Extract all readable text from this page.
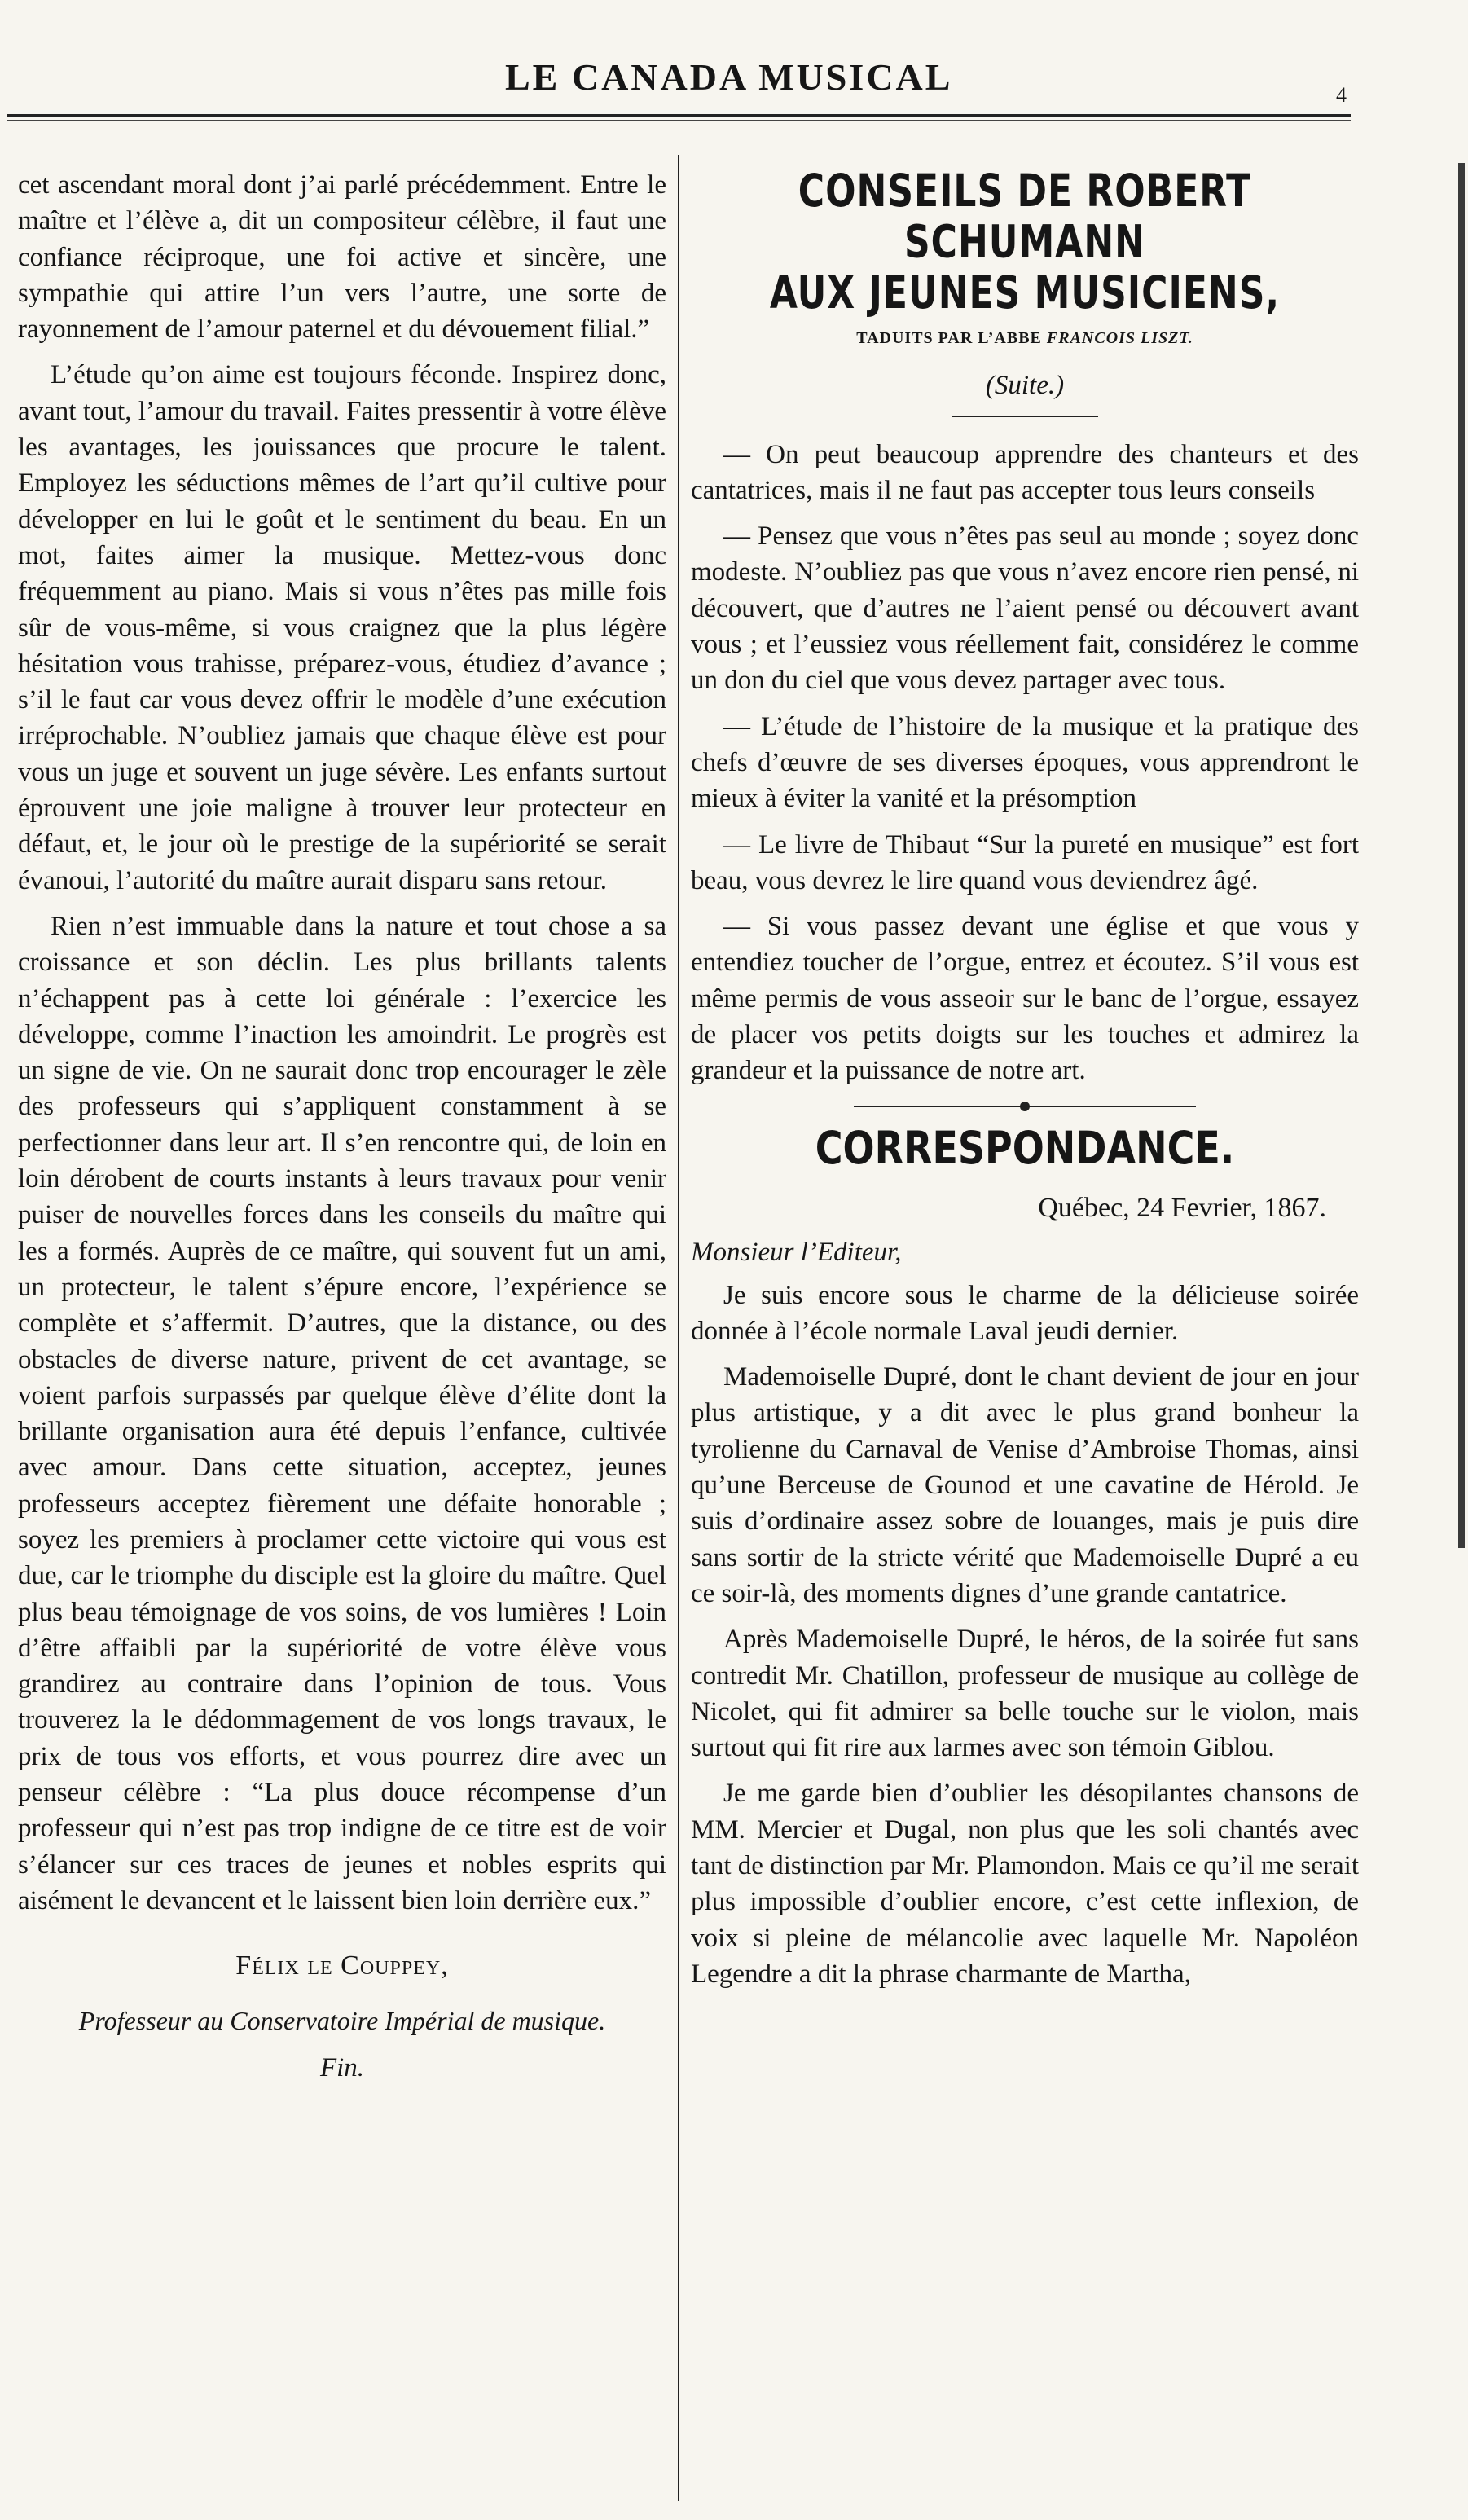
LE CANADA MUSICAL	4

cet ascendant moral dont j’ai parlé précédemment. Entre le maître et l’élève a, dit un compositeur célèbre, il faut une confiance réciproque, une foi active et sincère, une sympathie qui attire l’un vers l’autre, une sorte de rayonnement de l’amour paternel et du dévouement filial.”

L’étude qu’on aime est toujours féconde. Inspirez donc, avant tout, l’amour du travail. Faites pressentir à votre élève les avantages, les jouissances que procure le talent. Employez les séductions mêmes de l’art qu’il cultive pour développer en lui le goût et le sentiment du beau. En un mot, faites aimer la musique. Mettez-vous donc fréquemment au piano. Mais si vous n’êtes pas mille fois sûr de vous-même, si vous craignez que la plus légère hésitation vous trahisse, préparez-vous, étudiez d’avance ; s’il le faut car vous devez offrir le modèle d’une exécution irréprochable. N’oubliez jamais que chaque élève est pour vous un juge et souvent un juge sévère. Les enfants surtout éprouvent une joie maligne à trouver leur protecteur en défaut, et, le jour où le prestige de la supériorité se serait évanoui, l’autorité du maître aurait disparu sans retour.

Rien n’est immuable dans la nature et tout chose a sa croissance et son déclin. Les plus brillants talents n’échappent pas à cette loi générale : l’exercice les développe, comme l’inaction les amoindrit. Le progrès est un signe de vie. On ne saurait donc trop encourager le zèle des professeurs qui s’appliquent constamment à se perfectionner dans leur art. Il s’en rencontre qui, de loin en loin dérobent de courts instants à leurs travaux pour venir puiser de nouvelles forces dans les conseils du maître qui les a formés. Auprès de ce maître, qui souvent fut un ami, un protecteur, le talent s’épure encore, l’expérience se complète et s’affermit. D’autres, que la distance, ou des obstacles de diverse nature, privent de cet avantage, se voient parfois surpassés par quelque élève d’élite dont la brillante organisation aura été depuis l’enfance, cultivée avec amour. Dans cette situation, acceptez, jeunes professeurs acceptez fièrement une défaite honorable ; soyez les premiers à proclamer cette victoire qui vous est due, car le triomphe du disciple est la gloire du maître. Quel plus beau témoignage de vos soins, de vos lumières ! Loin d’être affaibli par la supériorité de votre élève vous grandirez au contraire dans l’opinion de tous. Vous trouverez la le dédommagement de vos longs travaux, le prix de tous vos efforts, et vous pourrez dire avec un penseur célèbre : “La plus douce récompense d’un professeur qui n’est pas trop indigne de ce titre est de voir s’élancer sur ces traces de jeunes et nobles esprits qui aisément le devancent et le laissent bien loin derrière eux.”

Félix le Couppey,

Professeur au Conservatoire Impérial de musique.

Fin.

CONSEILS DE ROBERT SCHUMANN
AUX JEUNES MUSICIENS,
TADUITS PAR L’ABBE FRANCOIS LISZT.

(Suite.)

— On peut beaucoup apprendre des chanteurs et des cantatrices, mais il ne faut pas accepter tous leurs conseils

— Pensez que vous n’êtes pas seul au monde ; soyez donc modeste. N’oubliez pas que vous n’avez encore rien pensé, ni découvert, que d’autres ne l’aient pensé ou découvert avant vous ; et l’eussiez vous réellement fait, considérez le comme un don du ciel que vous devez partager avec tous.

— L’étude de l’histoire de la musique et la pratique des chefs d’œuvre de ses diverses époques, vous apprendront le mieux à éviter la vanité et la présomption

— Le livre de Thibaut “Sur la pureté en musique” est fort beau, vous devrez le lire quand vous deviendrez âgé.

— Si vous passez devant une église et que vous y entendiez toucher de l’orgue, entrez et écoutez. S’il vous est même permis de vous asseoir sur le banc de l’orgue, essayez de placer vos petits doigts sur les touches et admirez la grandeur et la puissance de notre art.

CORRESPONDANCE.

Québec, 24 Fevrier, 1867.

Monsieur l’Editeur,

Je suis encore sous le charme de la délicieuse soirée donnée à l’école normale Laval jeudi dernier.

Mademoiselle Dupré, dont le chant devient de jour en jour plus artistique, y a dit avec le plus grand bonheur la tyrolienne du Carnaval de Venise d’Ambroise Thomas, ainsi qu’une Berceuse de Gounod et une cavatine de Hérold. Je suis d’ordinaire assez sobre de louanges, mais je puis dire sans sortir de la stricte vérité que Mademoiselle Dupré a eu ce soir-là, des moments dignes d’une grande cantatrice.

Après Mademoiselle Dupré, le héros, de la soirée fut sans contredit Mr. Chatillon, professeur de musique au collège de Nicolet, qui fit admirer sa belle touche sur le violon, mais surtout qui fit rire aux larmes avec son témoin Giblou.

Je me garde bien d’oublier les désopilantes chansons de MM. Mercier et Dugal, non plus que les soli chantés avec tant de distinction par Mr. Plamondon. Mais ce qu’il me serait plus impossible d’oublier encore, c’est cette inflexion, de voix si pleine de mélancolie avec laquelle Mr. Napoléon Legendre a dit la phrase charmante de Martha,
